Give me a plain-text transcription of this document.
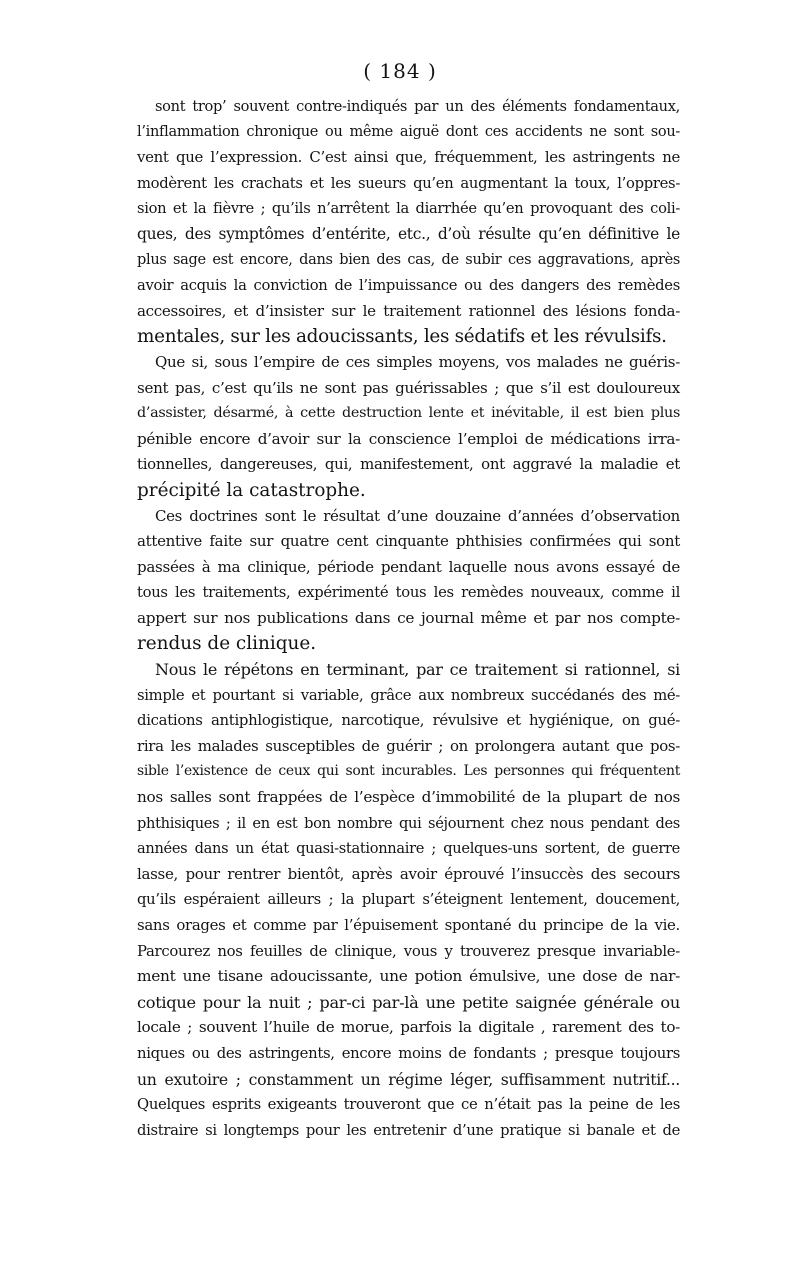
( 184 )
sont trop’ souvent contre-indiqués par un des éléments fondamentaux,
l’inflammation chronique ou même aiguë dont ces accidents ne sont sou-
vent que l’expression. C’est ainsi que, fréquemment, les astringents ne
modèrent les crachats et les sueurs qu’en augmentant la toux, l’oppres-
sion et la fièvre ; qu’ils n’arrêtent la diarrhée qu’en provoquant des coli-
ques, des symptômes d’entérite, etc., d’où résulte qu’en définitive le
plus sage est encore, dans bien des cas, de subir ces aggravations, après
avoir acquis la conviction de l’impuissance ou des dangers des remèdes
accessoires, et d’insister sur le traitement rationnel des lésions fonda-
mentales, sur les adoucissants, les sédatifs et les révulsifs.
Que si, sous l’empire de ces simples moyens, vos malades ne guéris-
sent pas, c’est qu’ils ne sont pas guérissables ; que s’il est douloureux
d’assister, désarmé, à cette destruction lente et inévitable, il est bien plus
pénible encore d’avoir sur la conscience l’emploi de médications irra-
tionnelles, dangereuses, qui, manifestement, ont aggravé la maladie et
précipité la catastrophe.
Ces doctrines sont le résultat d’une douzaine d’années d’observation
attentive faite sur quatre cent cinquante phthisies confirmées qui sont
passées à ma clinique, période pendant laquelle nous avons essayé de
tous les traitements, expérimenté tous les remèdes nouveaux, comme il
appert sur nos publications dans ce journal même et par nos compte-
rendus de clinique.
Nous le répétons en terminant, par ce traitement si rationnel, si
simple et pourtant si variable, grâce aux nombreux succédanés des mé-
dications antiphlogistique, narcotique, révulsive et hygiénique, on gué-
rira les malades susceptibles de guérir ; on prolongera autant que pos-
sible l’existence de ceux qui sont incurables. Les personnes qui fréquentent
nos salles sont frappées de l’espèce d’immobilité de la plupart de nos
phthisiques ; il en est bon nombre qui séjournent chez nous pendant des
années dans un état quasi-stationnaire ; quelques-uns sortent, de guerre
lasse, pour rentrer bientôt, après avoir éprouvé l’insuccès des secours
qu’ils espéraient ailleurs ; la plupart s’éteignent lentement, doucement,
sans orages et comme par l’épuisement spontané du principe de la vie.
Parcourez nos feuilles de clinique, vous y trouverez presque invariable-
ment une tisane adoucissante, une potion émulsive, une dose de nar-
cotique pour la nuit ; par-ci par-là une petite saignée générale ou
locale ; souvent l’huile de morue, parfois la digitale , rarement des to-
niques ou des astringents, encore moins de fondants ; presque toujours
un exutoire ; constamment un régime léger, suffisamment nutritif...
Quelques esprits exigeants trouveront que ce n’était pas la peine de les
distraire si longtemps pour les entretenir d’une pratique si banale et de
